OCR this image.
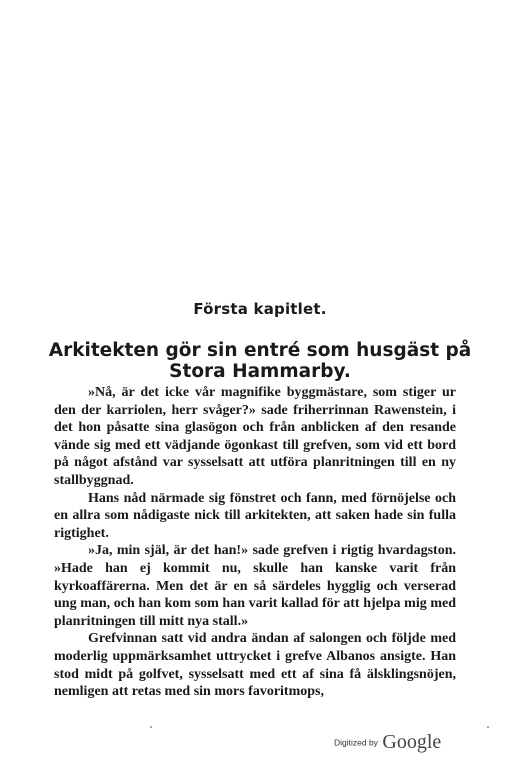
Första kapitlet.
Arkitekten gör sin entré som husgäst på Stora Hammarby.

»Nå, är det icke vår magnifike byggmästare, som stiger ur den der karriolen, herr svåger?» sade friherrinnan Rawenstein, i det hon påsatte sina glasögon och från anblicken af den resande vände sig med ett vädjande ögonkast till grefven, som vid ett bord på något afstånd var sysselsatt att utföra planritningen till en ny stallbyggnad.

Hans nåd närmade sig fönstret och fann, med förnöjelse och en allra som nådigaste nick till arkitekten, att saken hade sin fulla rigtighet.

»Ja, min själ, är det han!» sade grefven i rigtig hvardagston. »Hade han ej kommit nu, skulle han kanske varit från kyrkoaffärerna. Men det är en så särdeles hygglig och verserad ung man, och han kom som han varit kallad för att hjelpa mig med planritningen till mitt nya stall.»

Grefvinnan satt vid andra ändan af salongen och följde med moderlig uppmärksamhet uttrycket i grefve Albanos ansigte. Han stod midt på golfvet, sysselsatt med ett af sina få älsklingsnöjen, nemligen att retas med sin mors favoritmops,

Digitized by Google
